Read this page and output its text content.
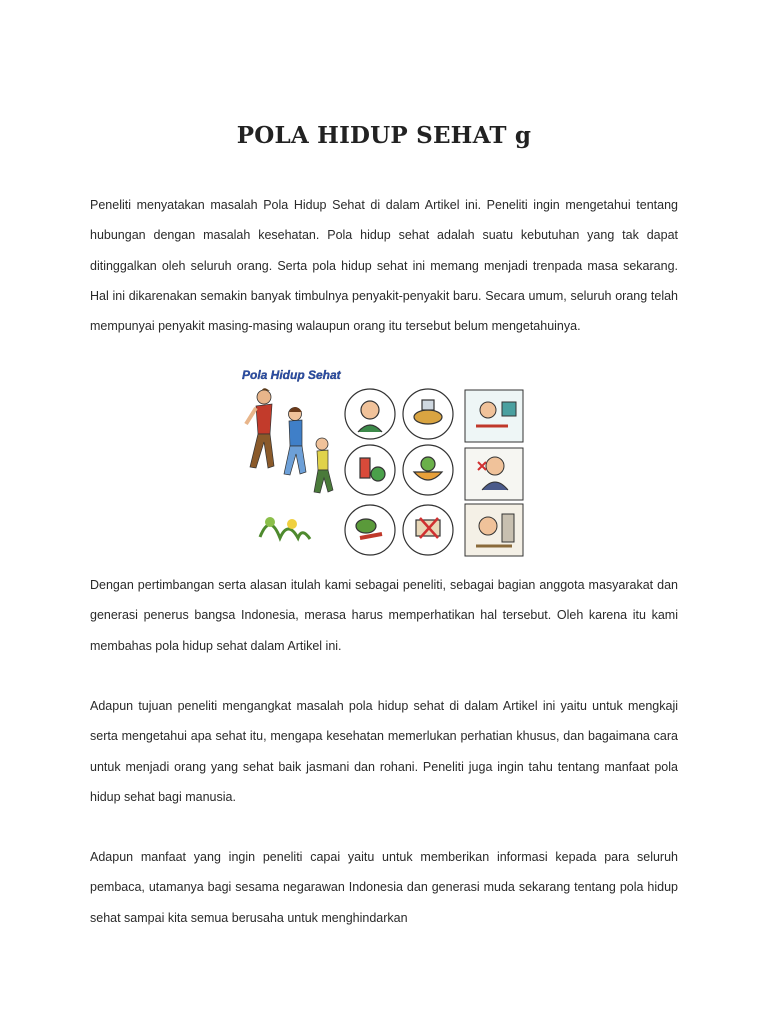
POLA HIDUP SEHAT g

Peneliti menyatakan masalah Pola Hidup Sehat di dalam Artikel ini. Peneliti ingin mengetahui tentang hubungan dengan masalah kesehatan. Pola hidup sehat adalah suatu kebutuhan yang tak dapat ditinggalkan oleh seluruh orang. Serta pola hidup sehat ini memang menjadi trenpada masa sekarang. Hal ini dikarenakan semakin banyak timbulnya penyakit-penyakit baru. Secara umum, seluruh orang telah mempunyai penyakit masing-masing walaupun orang itu tersebut belum mengetahuinya.

Pola Hidup Sehat

Dengan pertimbangan serta alasan itulah kami sebagai peneliti, sebagai bagian anggota masyarakat dan generasi penerus bangsa Indonesia, merasa harus memperhatikan hal tersebut. Oleh karena itu kami membahas pola hidup sehat dalam Artikel ini.

Adapun tujuan peneliti mengangkat masalah pola hidup sehat di dalam Artikel ini yaitu untuk mengkaji serta mengetahui apa sehat itu, mengapa kesehatan memerlukan perhatian khusus, dan bagaimana cara untuk menjadi orang yang sehat baik jasmani dan rohani. Peneliti juga ingin tahu tentang manfaat pola hidup sehat bagi manusia.

Adapun manfaat yang ingin peneliti capai yaitu untuk memberikan informasi kepada para seluruh pembaca, utamanya bagi sesama negarawan Indonesia dan generasi muda sekarang tentang pola hidup sehat sampai kita semua berusaha untuk menghindarkan
